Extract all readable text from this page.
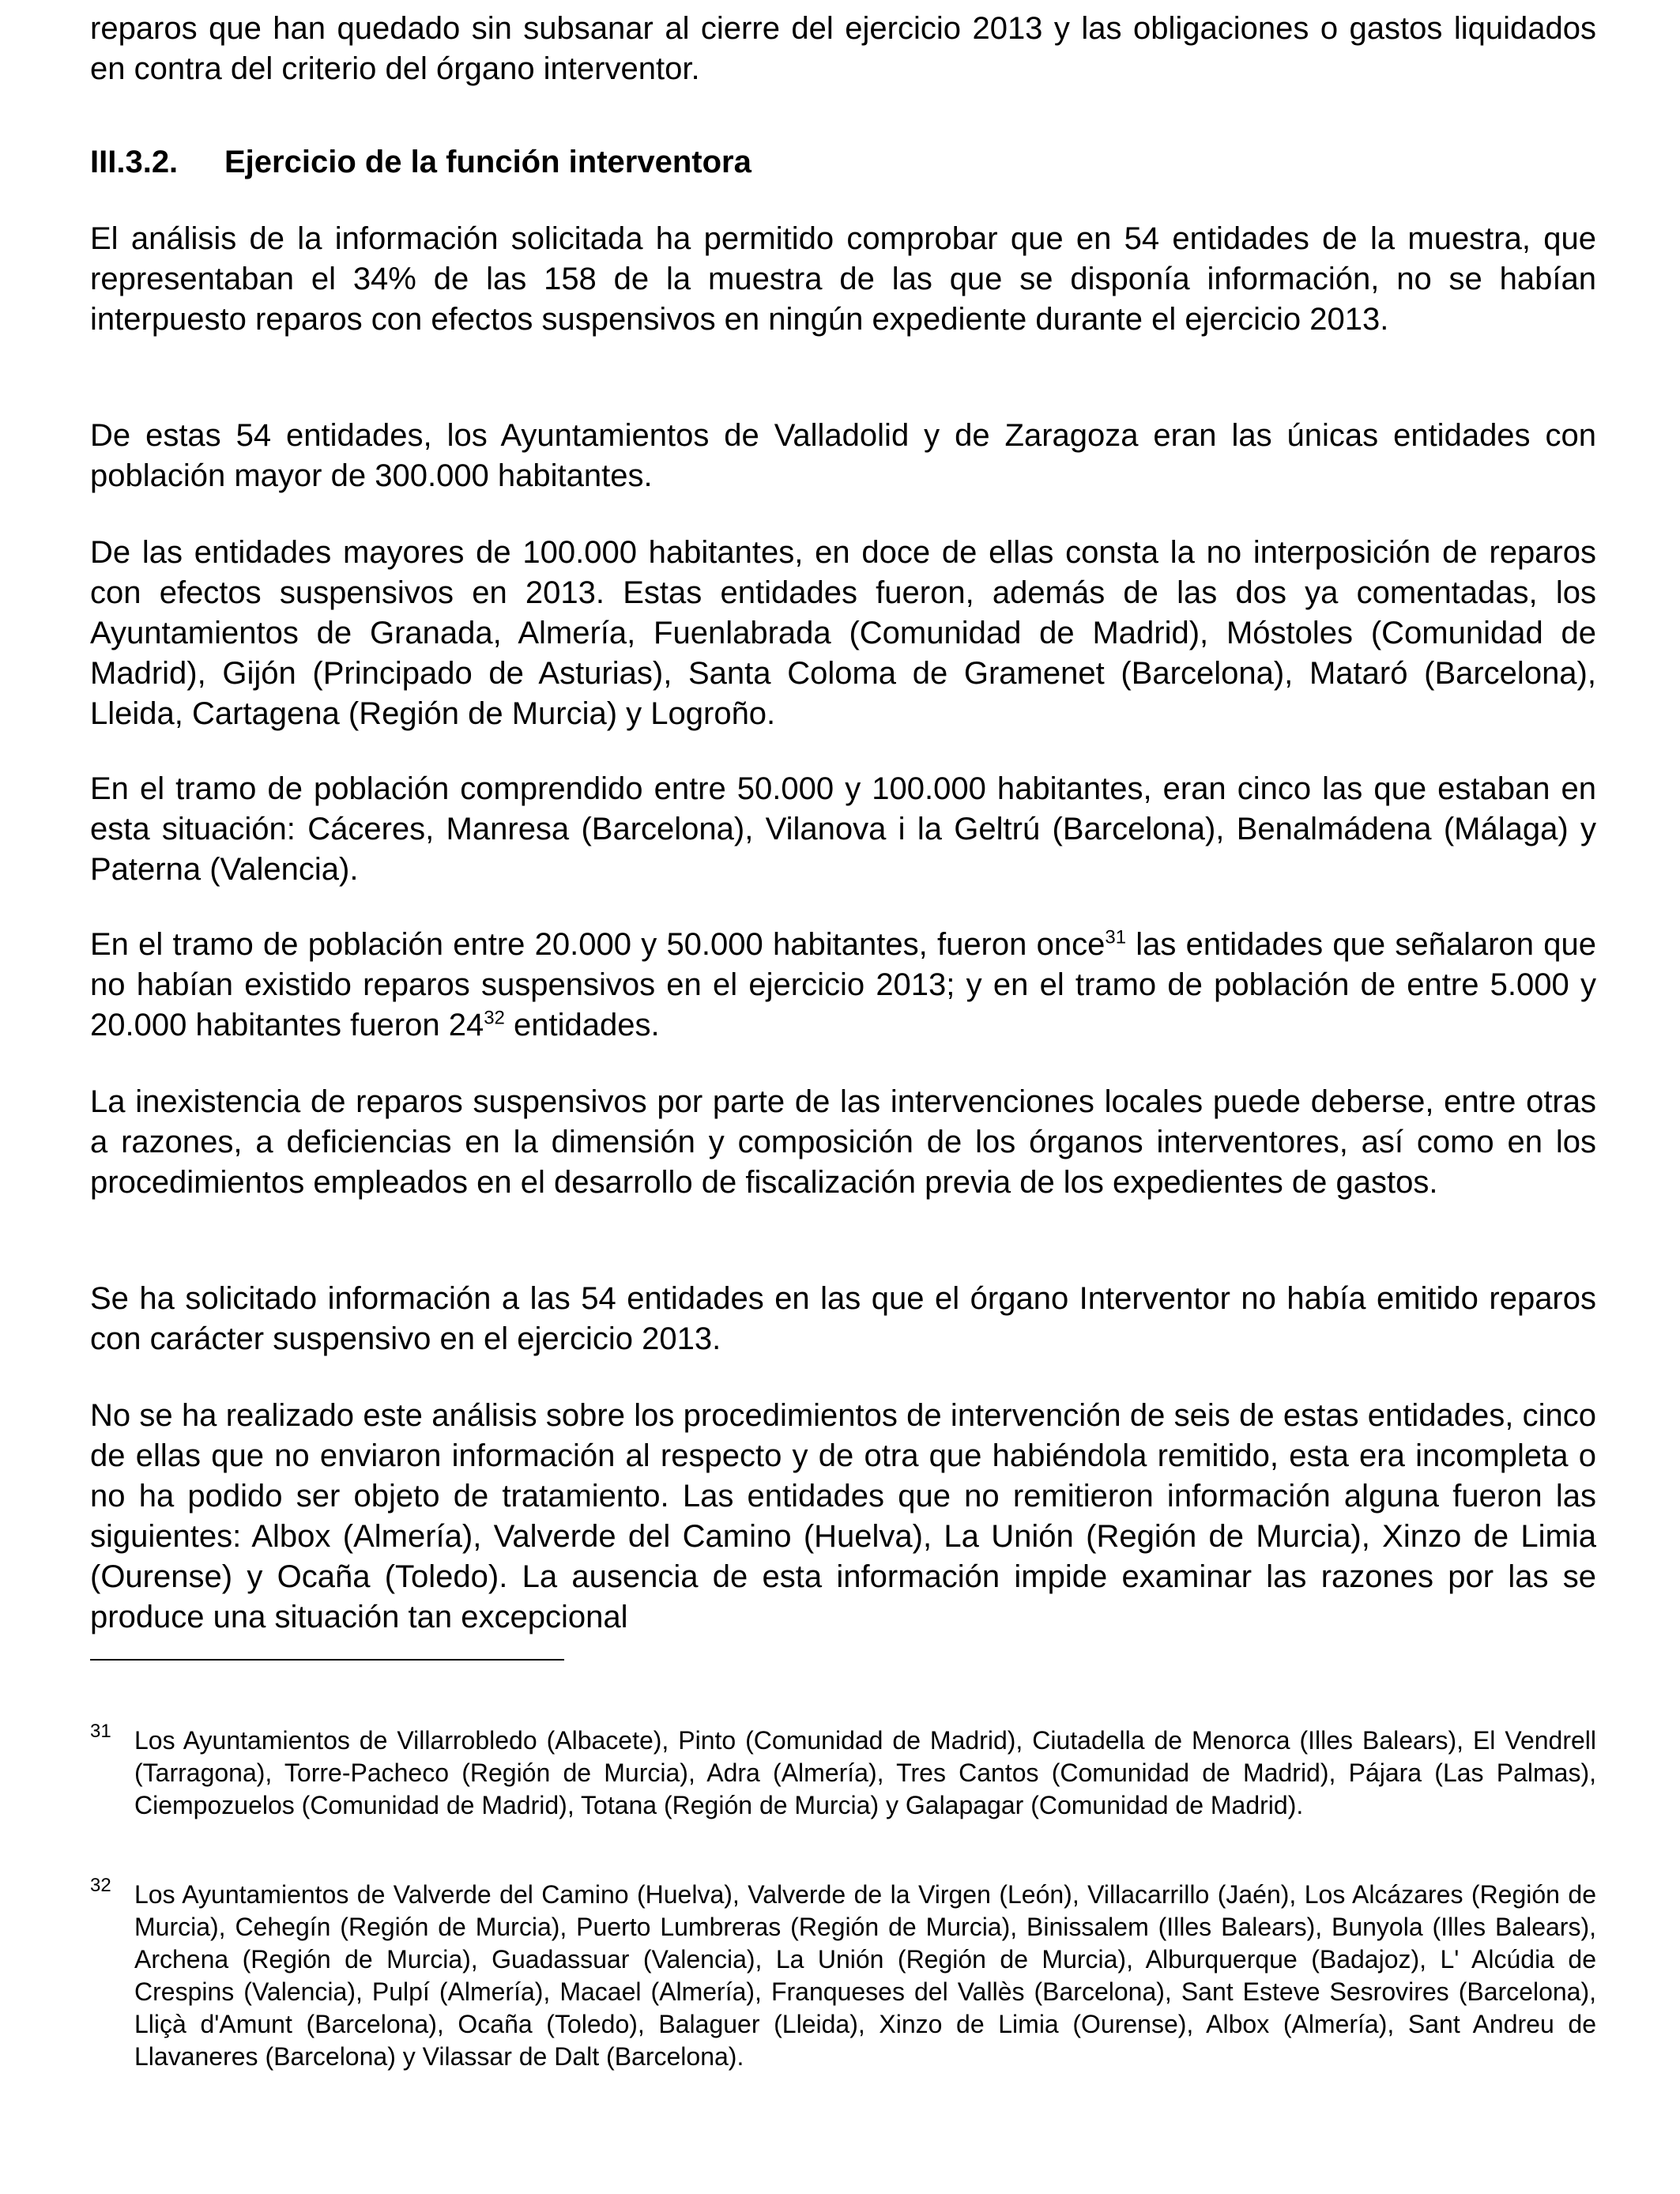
reparos que han quedado sin subsanar al cierre del ejercicio 2013 y las obligaciones o gastos liquidados en contra del criterio del órgano interventor.

III.3.2. Ejercicio de la función interventora

El análisis de la información solicitada ha permitido comprobar que en 54 entidades de la muestra, que representaban el 34% de las 158 de la muestra de las que se disponía información, no se habían interpuesto reparos con efectos suspensivos en ningún expediente durante el ejercicio 2013.

De estas 54 entidades, los Ayuntamientos de Valladolid y de Zaragoza eran las únicas entidades con población mayor de 300.000 habitantes.

De las entidades mayores de 100.000 habitantes, en doce de ellas consta la no interposición de reparos con efectos suspensivos en 2013. Estas entidades fueron, además de las dos ya comentadas, los Ayuntamientos de Granada, Almería, Fuenlabrada (Comunidad de Madrid), Móstoles (Comunidad de Madrid), Gijón (Principado de Asturias), Santa Coloma de Gramenet (Barcelona), Mataró (Barcelona), Lleida, Cartagena (Región de Murcia) y Logroño.

En el tramo de población comprendido entre 50.000 y 100.000 habitantes, eran cinco las que estaban en esta situación: Cáceres, Manresa (Barcelona), Vilanova i la Geltrú (Barcelona), Benalmádena (Málaga) y Paterna (Valencia).

En el tramo de población entre 20.000 y 50.000 habitantes, fueron once$^{31}$ las entidades que señalaron que no habían existido reparos suspensivos en el ejercicio 2013; y en el tramo de población de entre 5.000 y 20.000 habitantes fueron $24^{32}$ entidades.

La inexistencia de reparos suspensivos por parte de las intervenciones locales puede deberse, entre otras a razones, a deficiencias en la dimensión y composición de los órganos interventores, así como en los procedimientos empleados en el desarrollo de fiscalización previa de los expedientes de gastos.

Se ha solicitado información a las 54 entidades en las que el órgano Interventor no había emitido reparos con carácter suspensivo en el ejercicio 2013.

No se ha realizado este análisis sobre los procedimientos de intervención de seis de estas entidades, cinco de ellas que no enviaron información al respecto y de otra que habiéndola remitido, esta era incompleta o no ha podido ser objeto de tratamiento. Las entidades que no remitieron información alguna fueron las siguientes: Albox (Almería), Valverde del Camino (Huelva), La Unión (Región de Murcia), Xinzo de Limia (Ourense) y Ocaña (Toledo). La ausencia de esta información impide examinar las razones por las se produce una situación tan excepcional

31 Los Ayuntamientos de Villarrobledo (Albacete), Pinto (Comunidad de Madrid), Ciutadella de Menorca (Illes Balears), El Vendrell (Tarragona), Torre-Pacheco (Región de Murcia), Adra (Almería), Tres Cantos (Comunidad de Madrid), Pájara (Las Palmas), Ciempozuelos (Comunidad de Madrid), Totana (Región de Murcia) y Galapagar (Comunidad de Madrid).
32 Los Ayuntamientos de Valverde del Camino (Huelva), Valverde de la Virgen (León), Villacarrillo (Jaén), Los Alcázares (Región de Murcia), Cehegín (Región de Murcia), Puerto Lumbreras (Región de Murcia), Binissalem (Illes Balears), Bunyola (Illes Balears), Archena (Región de Murcia), Guadassuar (Valencia), La Unión (Región de Murcia), Alburquerque (Badajoz), L' Alcúdia de Crespins (Valencia), Pulpí (Almería), Macael (Almería), Franqueses del Vallès (Barcelona), Sant Esteve Sesrovires (Barcelona), Lliçà d'Amunt (Barcelona), Ocaña (Toledo), Balaguer (Lleida), Xinzo de Limia (Ourense), Albox (Almería), Sant Andreu de Llavaneres (Barcelona) y Vilassar de Dalt (Barcelona).
